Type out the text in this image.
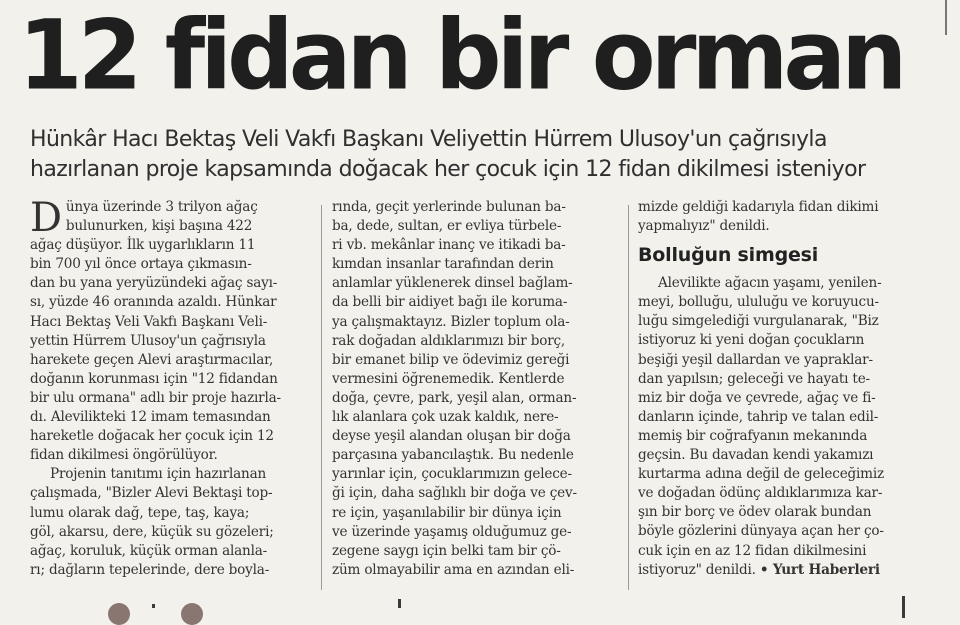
12 fidan bir orman
Hünkâr Hacı Bektaş Veli Vakfı Başkanı Veliyettin Hürrem Ulusoy'un çağrısıyla
hazırlanan proje kapsamında doğacak her çocuk için 12 fidan dikilmesi isteniyor

D ünya üzerinde 3 trilyon ağaç
bulunurken, kişi başına 422
ağaç düşüyor. İlk uygarlıkların 11
bin 700 yıl önce ortaya çıkmasın-
dan bu yana yeryüzündeki ağaç sayı-
sı, yüzde 46 oranında azaldı. Hünkar
Hacı Bektaş Veli Vakfı Başkanı Veli-
yettin Hürrem Ulusoy'un çağrısıyla
harekete geçen Alevi araştırmacılar,
doğanın korunması için "12 fidandan
bir ulu ormana" adlı bir proje hazırla-
dı. Alevilikteki 12 imam temasından
hareketle doğacak her çocuk için 12
fidan dikilmesi öngörülüyor.

Projenin tanıtımı için hazırlanan
çalışmada, "Bizler Alevi Bektaşi top-
lumu olarak dağ, tepe, taş, kaya;
göl, akarsu, dere, küçük su gözeleri;
ağaç, koruluk, küçük orman alanla-
rı; dağların tepelerinde, dere boyla-

rında, geçit yerlerinde bulunan ba-
ba, dede, sultan, er evliya türbele-
ri vb. mekânlar inanç ve itikadi ba-
kımdan insanlar tarafından derin
anlamlar yüklenerek dinsel bağlam-
da belli bir aidiyet bağı ile koruma-
ya çalışmaktayız. Bizler toplum ola-
rak doğadan aldıklarımızı bir borç,
bir emanet bilip ve ödevimiz gereği
vermesini öğrenemedik. Kentlerde
doğa, çevre, park, yeşil alan, orman-
lık alanlara çok uzak kaldık, nere-
deyse yeşil alandan oluşan bir doğa
parçasına yabancılaştık. Bu nedenle
yarınlar için, çocuklarımızın gelece-
ği için, daha sağlıklı bir doğa ve çev-
re için, yaşanılabilir bir dünya için
ve üzerinde yaşamış olduğumuz ge-
zegene saygı için belki tam bir çö-
züm olmayabilir ama en azından eli-

mizde geldiği kadarıyla fidan dikimi
yapmalıyız" denildi.

Bolluğun simgesi

Alevilikte ağacın yaşamı, yenilen-
meyi, bolluğu, ululuğu ve koruyucu-
luğu simgelediği vurgulanarak, "Biz
istiyoruz ki yeni doğan çocukların
beşiği yeşil dallardan ve yapraklar-
dan yapılsın; geleceği ve hayatı te-
miz bir doğa ve çevrede, ağaç ve fi-
danların içinde, tahrip ve talan edil-
memiş bir coğrafyanın mekanında
geçsin. Bu davadan kendi yakamızı
kurtarma adına değil de geleceğimiz
ve doğadan ödünç aldıklarımıza kar-
şın bir borç ve ödev olarak bundan
böyle gözlerini dünyaya açan her ço-
cuk için en az 12 fidan dikilmesini
istiyoruz" denildi. • Yurt Haberleri
